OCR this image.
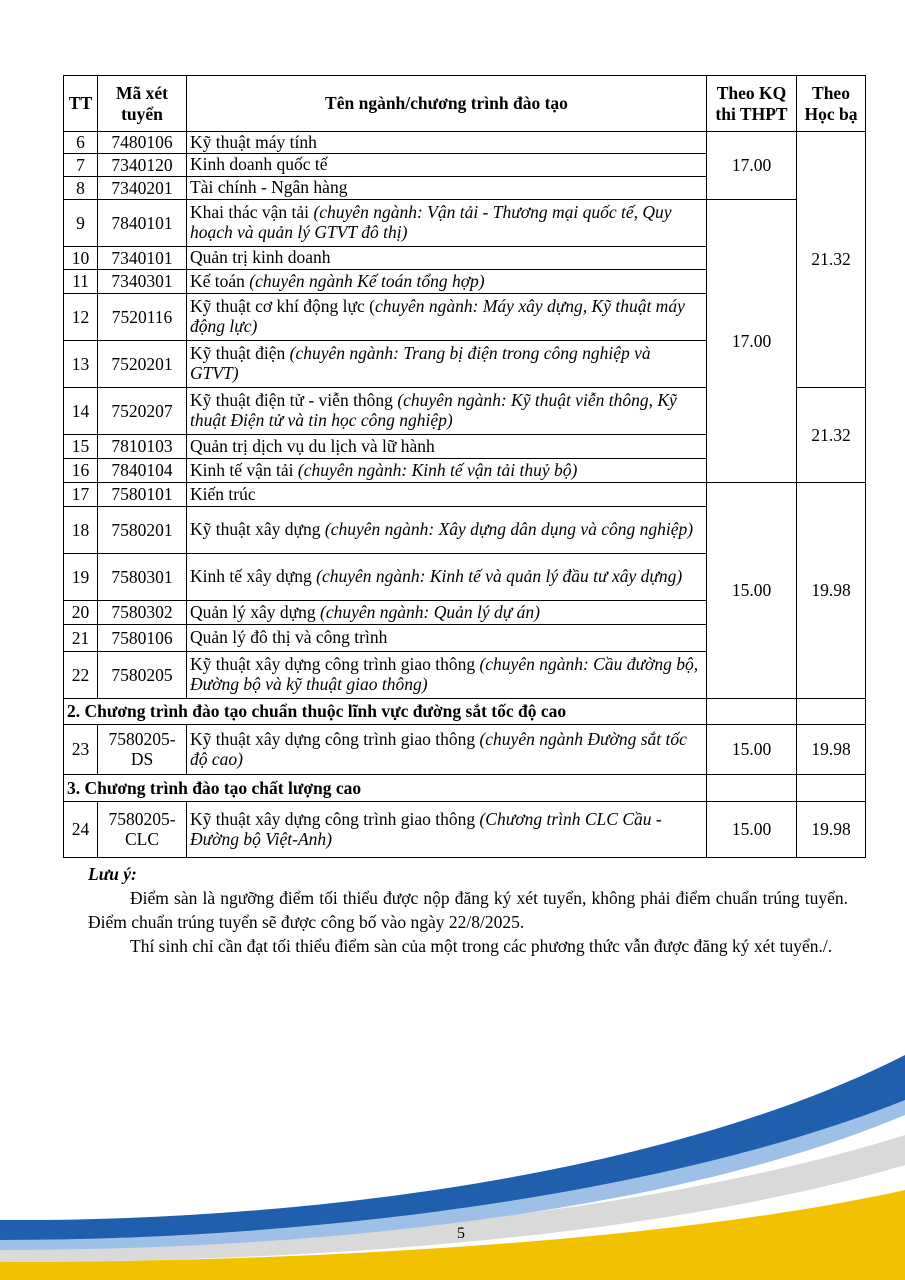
TT	Mã xét tuyển	Tên ngành/chương trình đào tạo	Theo KQ thi THPT	Theo Học bạ
6	7480106	Kỹ thuật máy tính	17.00	21.32
7	7340120	Kinh doanh quốc tế		
8	7340201	Tài chính - Ngân hàng		
9	7840101	Khai thác vận tải (chuyên ngành: Vận tải - Thương mại quốc tế, Quy hoạch và quản lý GTVT đô thị)	17.00	
10	7340101	Quản trị kinh doanh		
11	7340301	Kế toán (chuyên ngành Kế toán tổng hợp)		
12	7520116	Kỹ thuật cơ khí động lực (chuyên ngành: Máy xây dựng, Kỹ thuật máy động lực)		
13	7520201	Kỹ thuật điện (chuyên ngành: Trang bị điện trong công nghiệp và GTVT)		
14	7520207	Kỹ thuật điện tử - viễn thông (chuyên ngành: Kỹ thuật viễn thông, Kỹ thuật Điện tử và tin học công nghiệp)		21.32
15	7810103	Quản trị dịch vụ du lịch và lữ hành		
16	7840104	Kinh tế vận tải (chuyên ngành: Kinh tế vận tải thuỷ bộ)		
17	7580101	Kiến trúc	15.00	19.98
18	7580201	Kỹ thuật xây dựng (chuyên ngành: Xây dựng dân dụng và công nghiệp)		
19	7580301	Kinh tế xây dựng (chuyên ngành: Kinh tế và quản lý đầu tư xây dựng)		
20	7580302	Quản lý xây dựng (chuyên ngành: Quản lý dự án)		
21	7580106	Quản lý đô thị và công trình		
22	7580205	Kỹ thuật xây dựng công trình giao thông (chuyên ngành: Cầu đường bộ, Đường bộ và kỹ thuật giao thông)		
2. Chương trình đào tạo chuẩn thuộc lĩnh vực đường sắt tốc độ cao				
23	7580205-DS	Kỹ thuật xây dựng công trình giao thông (chuyên ngành Đường sắt tốc độ cao)	15.00	19.98
3. Chương trình đào tạo chất lượng cao				
24	7580205-CLC	Kỹ thuật xây dựng công trình giao thông (Chương trình CLC Cầu - Đường bộ Việt-Anh)	15.00	19.98
Lưu ý:

Điểm sàn là ngưỡng điểm tối thiểu được nộp đăng ký xét tuyển, không phải điểm chuẩn trúng tuyển. Điểm chuẩn trúng tuyển sẽ được công bố vào ngày 22/8/2025.

Thí sinh chỉ cần đạt tối thiểu điểm sàn của một trong các phương thức vẫn được đăng ký xét tuyển./.

5
